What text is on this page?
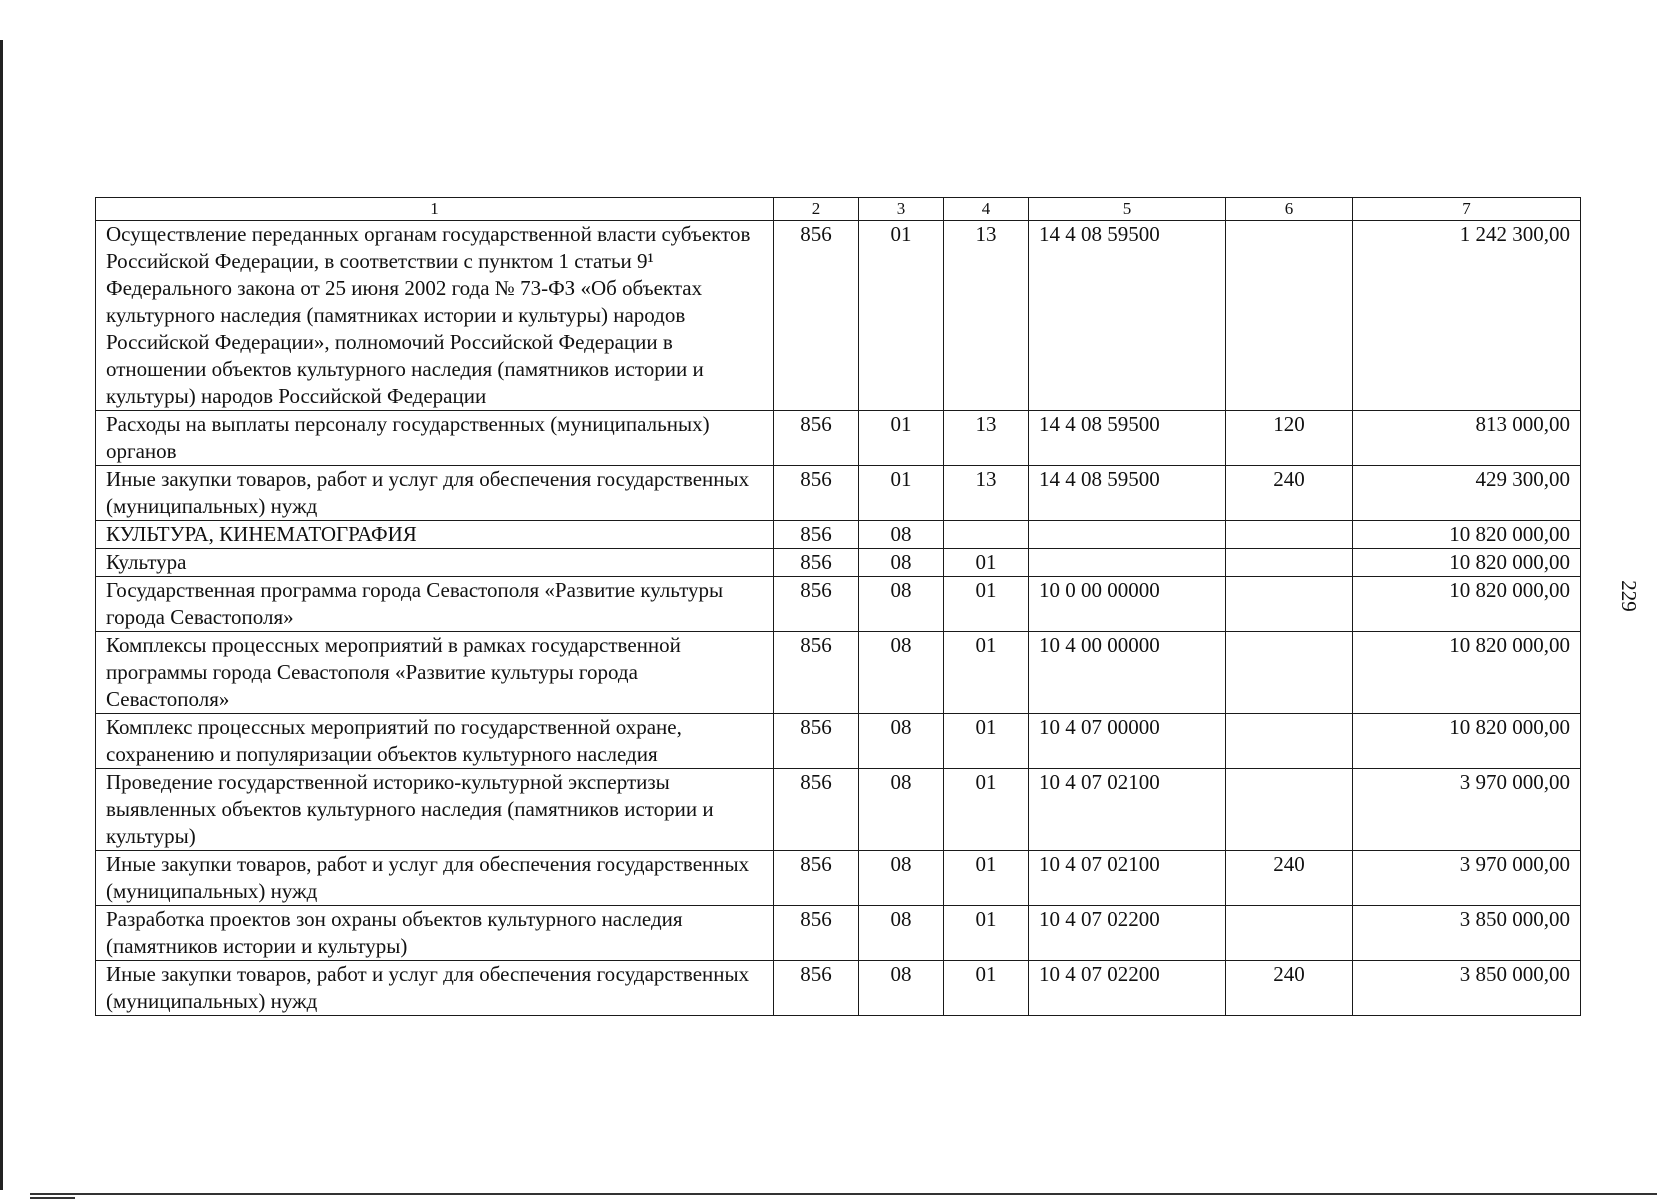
229
1	2	3	4	5	6	7
Осуществление переданных органам государственной власти субъектов Российской Федерации, в соответствии с пунктом 1 статьи 9¹ Федерального закона от 25 июня 2002 года № 73-ФЗ «Об объектах культурного наследия (памятниках истории и культуры) народов Российской Федерации», полномочий Российской Федерации в отношении объектов культурного наследия (памятников истории и культуры) народов Российской Федерации	856	01	13	14 4 08 59500		1 242 300,00
Расходы на выплаты персоналу государственных (муниципальных) органов	856	01	13	14 4 08 59500	120	813 000,00
Иные закупки товаров, работ и услуг для обеспечения государственных (муниципальных) нужд	856	01	13	14 4 08 59500	240	429 300,00
КУЛЬТУРА, КИНЕМАТОГРАФИЯ	856	08				10 820 000,00
Культура	856	08	01			10 820 000,00
Государственная программа города Севастополя «Развитие культуры города Севастополя»	856	08	01	10 0 00 00000		10 820 000,00
Комплексы процессных мероприятий в рамках государственной программы города Севастополя «Развитие культуры города Севастополя»	856	08	01	10 4 00 00000		10 820 000,00
Комплекс процессных мероприятий по государственной охране, сохранению и популяризации объектов культурного наследия	856	08	01	10 4 07 00000		10 820 000,00
Проведение государственной историко-культурной экспертизы выявленных объектов культурного наследия (памятников истории и культуры)	856	08	01	10 4 07 02100		3 970 000,00
Иные закупки товаров, работ и услуг для обеспечения государственных (муниципальных) нужд	856	08	01	10 4 07 02100	240	3 970 000,00
Разработка проектов зон охраны объектов культурного наследия (памятников истории и культуры)	856	08	01	10 4 07 02200		3 850 000,00
Иные закупки товаров, работ и услуг для обеспечения государственных (муниципальных) нужд	856	08	01	10 4 07 02200	240	3 850 000,00
